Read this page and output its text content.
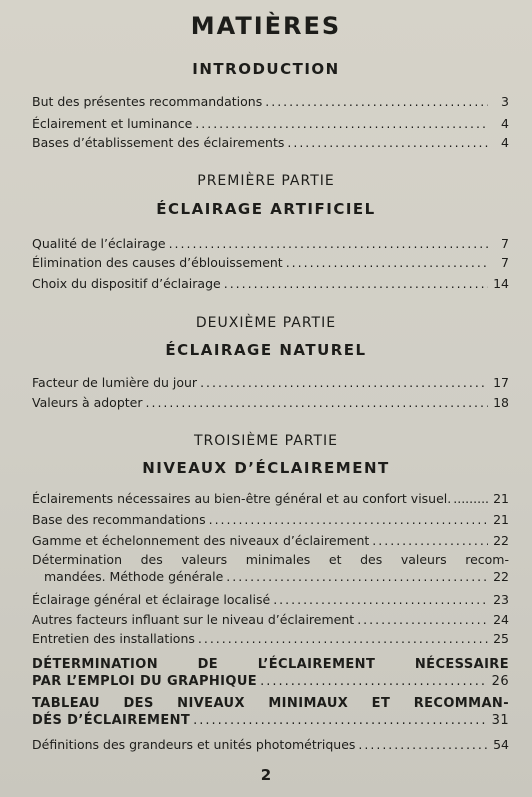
MATIÈRES
INTRODUCTION
But des présentes recommandations .....	3
Éclairement et luminance .....	4
Bases d’établissement des éclairements .....	4
PREMIÈRE PARTIE
ÉCLAIRAGE ARTIFICIEL
Qualité de l’éclairage .....	7
Élimination des causes d’éblouissement .....	7
Choix du dispositif d’éclairage .....	14
DEUXIÈME PARTIE
ÉCLAIRAGE NATUREL
Facteur de lumière du jour .....	17
Valeurs à adopter .....	18
TROISIÈME PARTIE
NIVEAUX D’ÉCLAIREMENT
Éclairements nécessaires au bien-être général et au confort visuel. .....	21
Base des recommandations .....	21
Gamme et échelonnement des niveaux d’éclairement .....	22
Détermination des valeurs minimales et des valeurs recom-
mandées. Méthode générale .....	22
Éclairage général et éclairage localisé .....	23
Autres facteurs influant sur le niveau d’éclairement .....	24
Entretien des installations .....	25
DÉTERMINATION DE L’ÉCLAIREMENT NÉCESSAIRE
PAR L’EMPLOI DU GRAPHIQUE .....	26
TABLEAU DES NIVEAUX MINIMAUX ET RECOMMAN-
DÉS D’ÉCLAIREMENT .....	31
Définitions des grandeurs et unités photométriques .....	54
2
